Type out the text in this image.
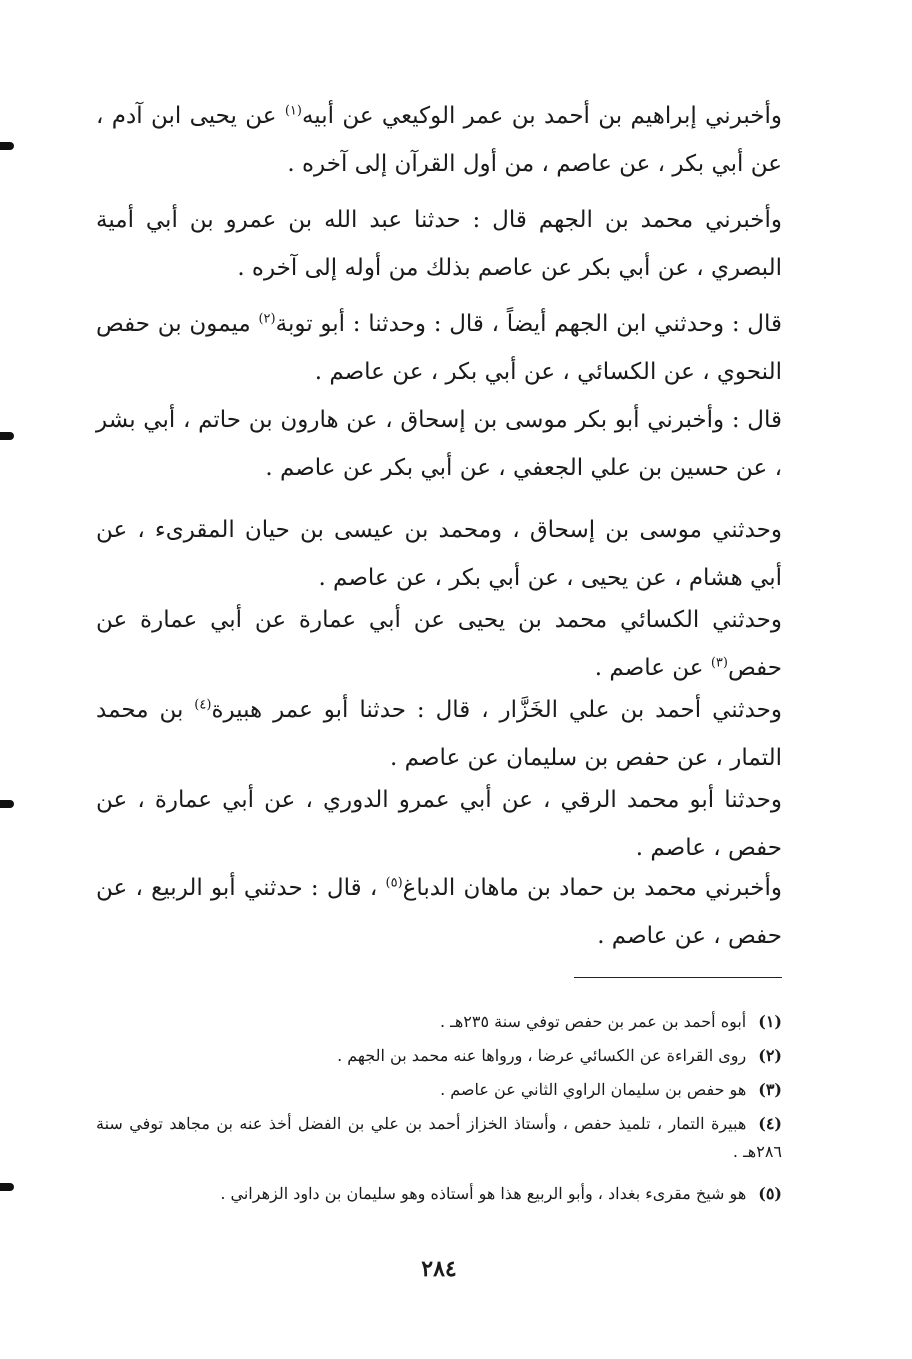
وأخبرني إبراهيم بن أحمد بن عمر الوكيعي عن أبيه$^{(١)}$ عن يحيى ابن آدم ، عن أبي بكر ، عن عاصم ، من أول القرآن إلى آخره .

وأخبرني محمد بن الجهم قال : حدثنا عبد الله بن عمرو بن أبي أمية البصري ، عن أبي بكر عن عاصم بذلك من أوله إلى آخره .

قال : وحدثني ابن الجهم أيضاً ، قال : وحدثنا : أبو توبة$^{(٢)}$ ميمون بن حفص النحوي ، عن الكسائي ، عن أبي بكر ، عن عاصم .

قال : وأخبرني أبو بكر موسى بن إسحاق ، عن هارون بن حاتم ، أبي بشر ، عن حسين بن علي الجعفي ، عن أبي بكر عن عاصم .

وحدثني موسى بن إسحاق ، ومحمد بن عيسى بن حيان المقرىء ، عن أبي هشام ، عن يحيى ، عن أبي بكر ، عن عاصم .

وحدثني الكسائي محمد بن يحيى عن أبي عمارة عن أبي عمارة عن حفص$^{(٣)}$ عن عاصم .

وحدثني أحمد بن علي الخَزَّار ، قال : حدثنا أبو عمر هبيرة$^{(٤)}$ بن محمد التمار ، عن حفص بن سليمان عن عاصم .

وحدثنا أبو محمد الرقي ، عن أبي عمرو الدوري ، عن أبي عمارة ، عن حفص ، عاصم .

وأخبرني محمد بن حماد بن ماهان الدباغ$^{(٥)}$ ، قال : حدثني أبو الربيع ، عن حفص ، عن عاصم .

(١)أبوه أحمد بن عمر بن حفص توفي سنة ٢٣٥هـ .
(٢)روى القراءة عن الكسائي عرضا ، ورواها عنه محمد بن الجهم .
(٣)هو حفص بن سليمان الراوي الثاني عن عاصم .
(٤)هبيرة التمار ، تلميذ حفص ، وأستاذ الخزاز أحمد بن علي بن الفضل أخذ عنه بن مجاهد توفي سنة ٢٨٦هـ .
(٥)هو شيخ مقرىء بغداد ، وأبو الربيع هذا هو أستاذه وهو سليمان بن داود الزهراني .
٢٨٤
